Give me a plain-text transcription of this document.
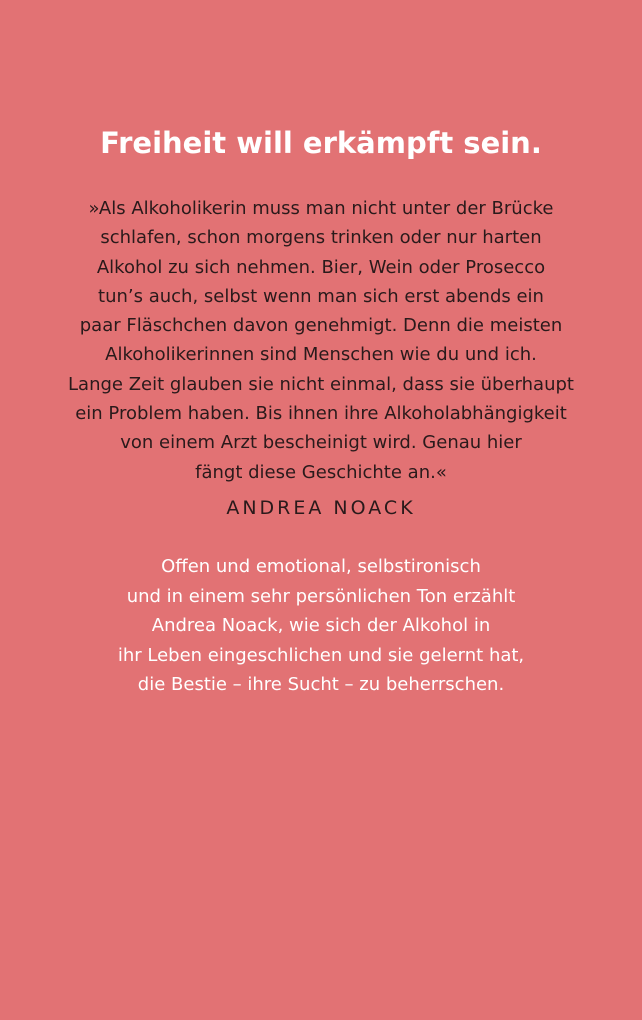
Freiheit will erkämpft sein.
»Als Alkoholikerin muss man nicht unter der Brücke
schlafen, schon morgens trinken oder nur harten
Alkohol zu sich nehmen. Bier, Wein oder Prosecco
tun’s auch, selbst wenn man sich erst abends ein
paar Fläschchen davon genehmigt. Denn die meisten
Alkoholikerinnen sind Menschen wie du und ich.
Lange Zeit glauben sie nicht einmal, dass sie überhaupt
ein Problem haben. Bis ihnen ihre Alkoholabhängigkeit
von einem Arzt bescheinigt wird. Genau hier
fängt diese Geschichte an.«

ANDREA NOACK

Offen und emotional, selbstironisch
und in einem sehr persönlichen Ton erzählt
Andrea Noack, wie sich der Alkohol in
ihr Leben eingeschlichen und sie gelernt hat,
die Bestie – ihre Sucht – zu beherrschen.
